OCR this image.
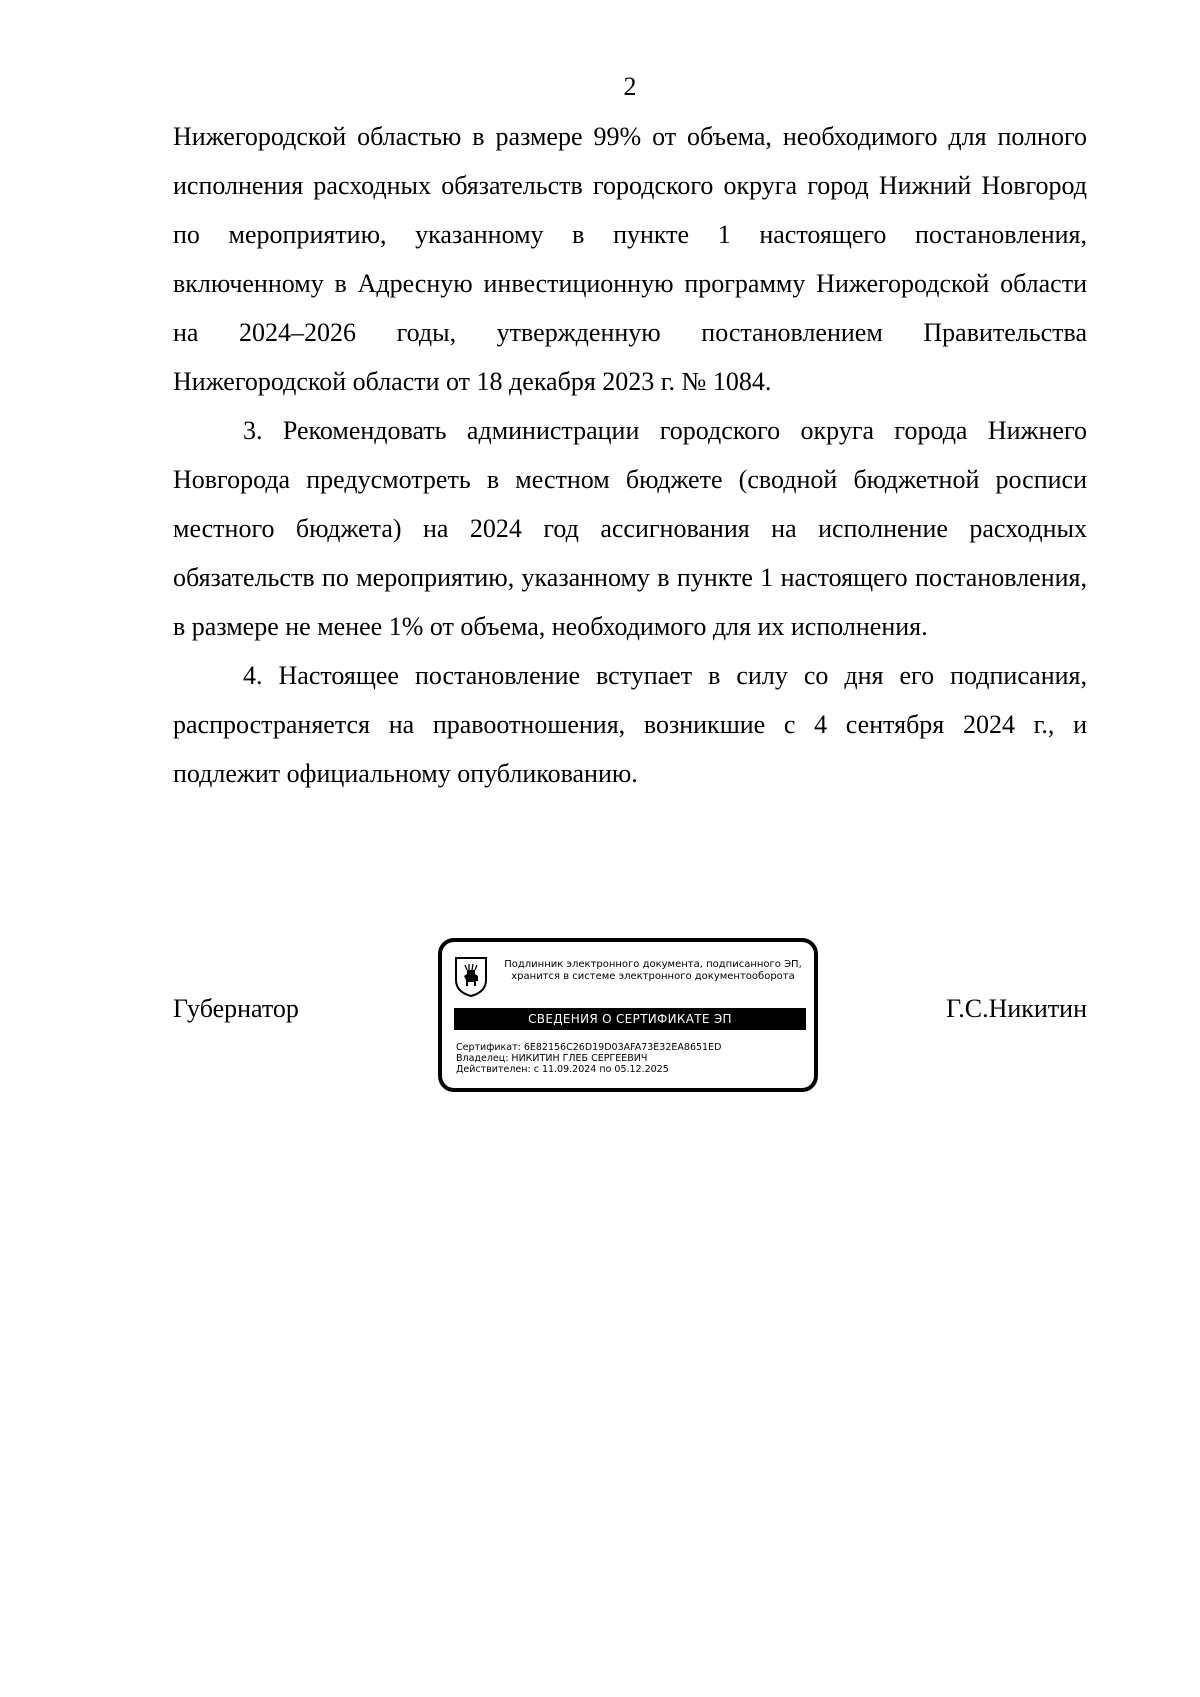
2

Нижегородской областью в размере 99% от объема, необходимого для полного исполнения расходных обязательств городского округа город Нижний Новгород по мероприятию, указанному в пункте 1 настоящего постановления, включенному в Адресную инвестиционную программу Нижегородской области на 2024–2026 годы, утвержденную постановлением Правительства Нижегородской области от 18 декабря 2023 г. № 1084.

3. Рекомендовать администрации городского округа города Нижнего Новгорода предусмотреть в местном бюджете (сводной бюджетной росписи местного бюджета) на 2024 год ассигнования на исполнение расходных обязательств по мероприятию, указанному в пункте 1 настоящего постановления, в размере не менее 1% от объема, необходимого для их исполнения.

4. Настоящее постановление вступает в силу со дня его подписания, распространяется на правоотношения, возникшие с 4 сентября 2024 г., и подлежит официальному опубликованию.

Губернатор
Подлинник электронного документа, подписанного ЭП,
хранится в системе электронного документооборота
СВЕДЕНИЯ О СЕРТИФИКАТЕ ЭП
Сертификат: 6E82156C26D19D03AFA73E32EA8651ED
Владелец: НИКИТИН ГЛЕБ СЕРГЕЕВИЧ
Действителен: с 11.09.2024 по 05.12.2025
Г.С.Никитин
